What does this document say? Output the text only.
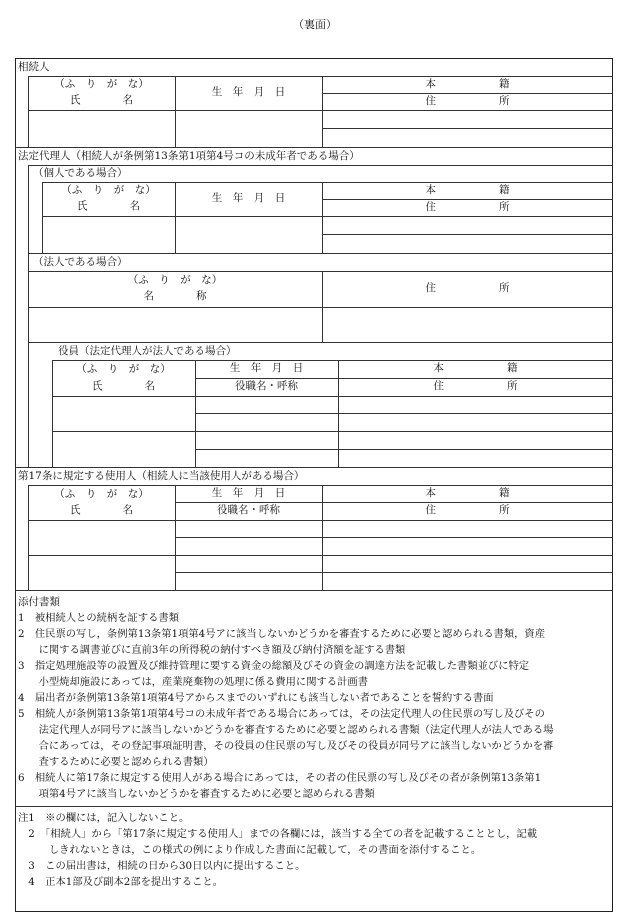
（裏面）
相続人
（ふ　り　が　な）
氏　　　　名
生　年　月　日
本　　　　　　籍
住　　　　　　所
法定代理人（相続人が条例第13条第1項第4号コの未成年者である場合）
（個人である場合）
（ふ　り　が　な）
氏　　　　名
生　年　月　日
本　　　　　　籍
住　　　　　　所
（法人である場合）
（ふ　り　が　な）
名　　　　称
住　　　　　　所
役員（法定代理人が法人である場合）
（ふ　り　が　な）
氏　　　　名
生　年　月　日
役職名・呼称
本　　　　　　籍
住　　　　　　所
第17条に規定する使用人（相続人に当該使用人がある場合）
（ふ　り　が　な）
氏　　　　名
生　年　月　日
役職名・呼称
本　　　　　　籍
住　　　　　　所
添付書類
1　被相続人との続柄を証する書類
2　住民票の写し，条例第13条第1項第4号アに該当しないかどうかを審査するために必要と認められる書類，資産
　　に関する調書並びに直前3年の所得税の納付すべき額及び納付済額を証する書類
3　指定処理施設等の設置及び維持管理に要する資金の総額及びその資金の調達方法を記載した書類並びに特定
　　小型焼却施設にあっては，産業廃棄物の処理に係る費用に関する計画書
4　届出者が条例第13条第1項第4号アからスまでのいずれにも該当しない者であることを誓約する書面
5　相続人が条例第13条第1項第4号コの未成年者である場合にあっては，その法定代理人の住民票の写し及びその
　　法定代理人が同号アに該当しないかどうかを審査するために必要と認められる書類（法定代理人が法人である場
　　合にあっては，その登記事項証明書，その役員の住民票の写し及びその役員が同号アに該当しないかどうかを審
　　査するために必要と認められる書類）
6　相続人に第17条に規定する使用人がある場合にあっては，その者の住民票の写し及びその者が条例第13条第1
　　項第4号アに該当しないかどうかを審査するために必要と認められる書類
注1　※の欄には，記入しないこと。
　2　「相続人」から「第17条に規定する使用人」までの各欄には，該当する全ての者を記載することとし，記載
　　　しきれないときは，この様式の例により作成した書面に記載して，その書面を添付すること。
　3　この届出書は，相続の日から30日以内に提出すること。
　4　正本1部及び副本2部を提出すること。
